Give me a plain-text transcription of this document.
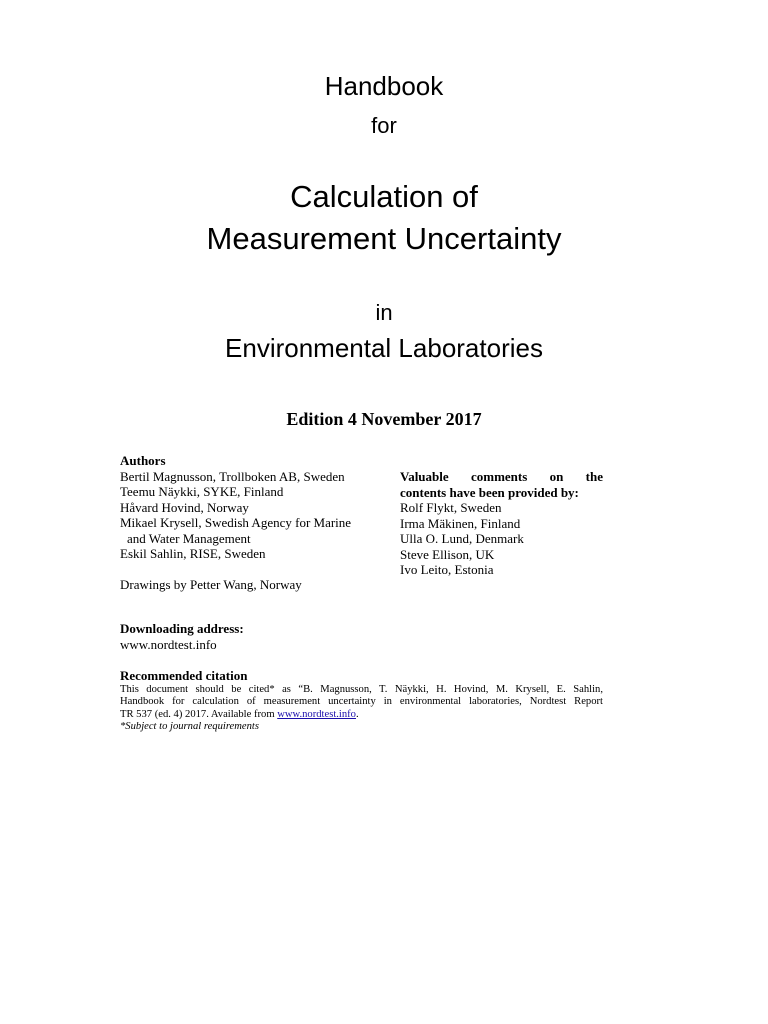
Handbook
for
Calculation of
Measurement Uncertainty
in
Environmental Laboratories
Edition 4 November 2017
Authors
Bertil Magnusson, Trollboken AB, Sweden
Teemu Näykki, SYKE, Finland
Håvard Hovind, Norway
Mikael Krysell, Swedish Agency for Marine
and Water Management
Eskil Sahlin, RISE, Sweden
Drawings by Petter Wang, Norway
Valuable comments on the
contents have been provided by:
Rolf Flykt, Sweden
Irma Mäkinen, Finland
Ulla O. Lund, Denmark
Steve Ellison, UK
Ivo Leito, Estonia
Downloading address:
www.nordtest.info
Recommended citation
This document should be cited* as “B. Magnusson, T. Näykki, H. Hovind, M. Krysell, E. Sahlin,
Handbook for calculation of measurement uncertainty in environmental laboratories, Nordtest Report
TR 537 (ed. 4) 2017. Available from www.nordtest.info.
*Subject to journal requirements
